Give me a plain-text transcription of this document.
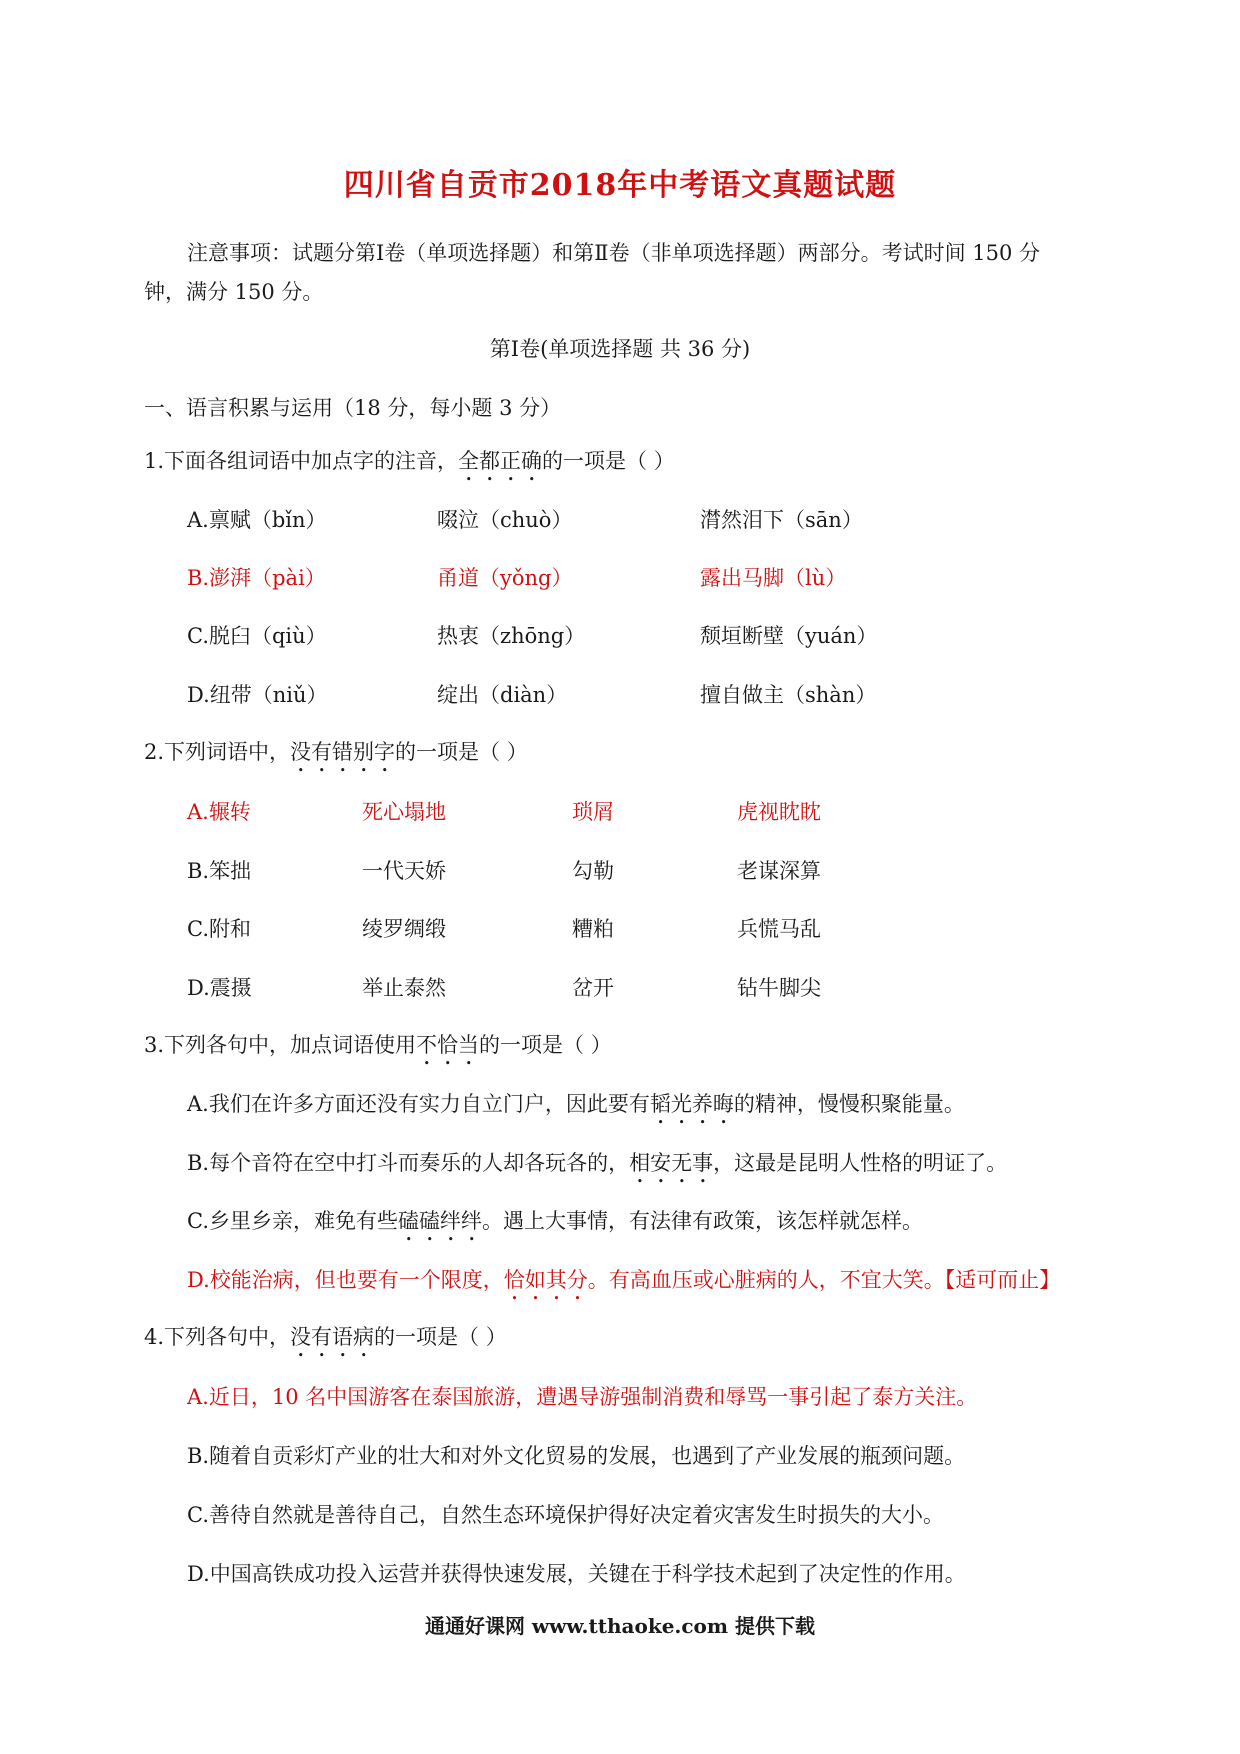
四川省自贡市2018年中考语文真题试题
注意事项：试题分第Ⅰ卷（单项选择题）和第Ⅱ卷（非单项选择题）两部分。考试时间 150 分
钟，满分 150 分。
第Ⅰ卷(单项选择题 共 36 分)
一、语言积累与运用（18 分，每小题 3 分）
1.下面各组词语中加点字的注音，全都正确的一项是（ ）
A.禀赋（bǐn）	啜泣（chuò）	潸然泪下（sān）
B.澎湃（pài）	甬道（yǒng）	露出马脚（lù）
C.脱臼（qiù）	热衷（zhōng）	颓垣断壁（yuán）
D.纽带（niǔ）	绽出（diàn）	擅自做主（shàn）
2.下列词语中，没有错别字的一项是（ ）
A.辗转	死心塌地	琐屑	虎视眈眈
B.笨拙	一代天娇	勾勒	老谋深算
C.附和	绫罗绸缎	糟粕	兵慌马乱
D.震摄	举止泰然	岔开	钻牛脚尖
3.下列各句中，加点词语使用不恰当的一项是（ ）
A.我们在许多方面还没有实力自立门户，因此要有韬光养晦的精神，慢慢积聚能量。
B.每个音符在空中打斗而奏乐的人却各玩各的，相安无事，这最是昆明人性格的明证了。
C.乡里乡亲，难免有些磕磕绊绊。遇上大事情，有法律有政策，该怎样就怎样。
D.校能治病，但也要有一个限度，恰如其分。有高血压或心脏病的人，不宜大笑。【适可而止】
4.下列各句中，没有语病的一项是（ ）
A.近日，10 名中国游客在泰国旅游，遭遇导游强制消费和辱骂一事引起了泰方关注。
B.随着自贡彩灯产业的壮大和对外文化贸易的发展，也遇到了产业发展的瓶颈问题。
C.善待自然就是善待自己，自然生态环境保护得好决定着灾害发生时损失的大小。
D.中国高铁成功投入运营并获得快速发展，关键在于科学技术起到了决定性的作用。
通通好课网 www.tthaoke.com 提供下载
